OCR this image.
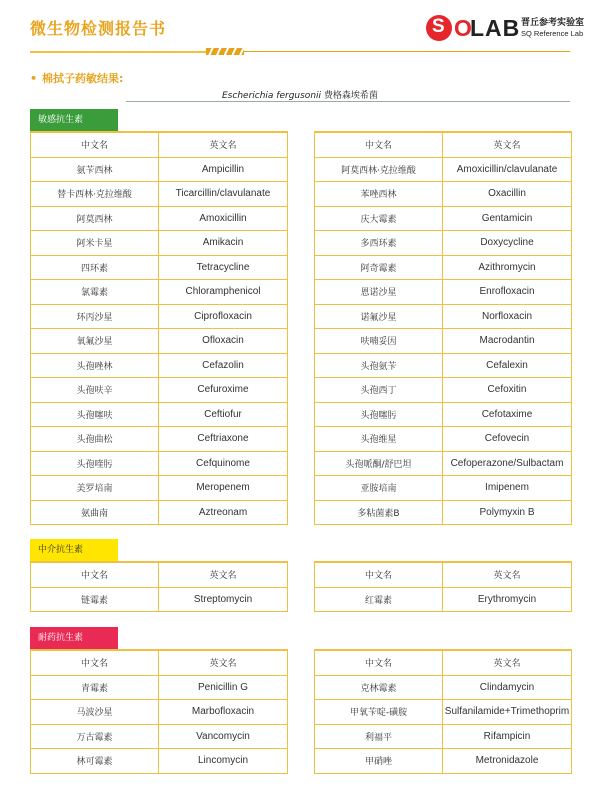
微生物检测报告书	S O
LAB 晋丘参考实验室
SQ Reference Lab
• 棉拭子药敏结果:
Escherichia fergusonii 费格森埃希菌
敏感抗生素
中文名	英文名
氨苄西林	Ampicillin
替卡西林·克拉维酸	Ticarcillin/clavulanate
阿莫西林	Amoxicillin
阿米卡星	Amikacin
四环素	Tetracycline
氯霉素	Chloramphenicol
环丙沙星	Ciprofloxacin
氧氟沙星	Ofloxacin
头孢唑林	Cefazolin
头孢呋辛	Cefuroxime
头孢噻呋	Ceftiofur
头孢曲松	Ceftriaxone
头孢喹肟	Cefquinome
美罗培南	Meropenem
氨曲南	Aztreonam
中文名	英文名
阿莫西林·克拉维酸	Amoxicillin/clavulanate
苯唑西林	Oxacillin
庆大霉素	Gentamicin
多西环素	Doxycycline
阿奇霉素	Azithromycin
恩诺沙星	Enrofloxacin
诺氟沙星	Norfloxacin
呋喃妥因	Macrodantin
头孢氨苄	Cefalexin
头孢西丁	Cefoxitin
头孢噻肟	Cefotaxime
头孢维星	Cefovecin
头孢哌酮/舒巴坦	Cefoperazone/Sulbactam
亚胺培南	Imipenem
多粘菌素B	Polymyxin B
中介抗生素
中文名	英文名
链霉素	Streptomycin
中文名	英文名
红霉素	Erythromycin
耐药抗生素
中文名	英文名
青霉素	Penicillin G
马波沙星	Marbofloxacin
万古霉素	Vancomycin
林可霉素	Lincomycin
中文名	英文名
克林霉素	Clindamycin
甲氧苄啶-磺胺	Sulfanilamide+Trimethoprim
利福平	Rifampicin
甲硝唑	Metronidazole
